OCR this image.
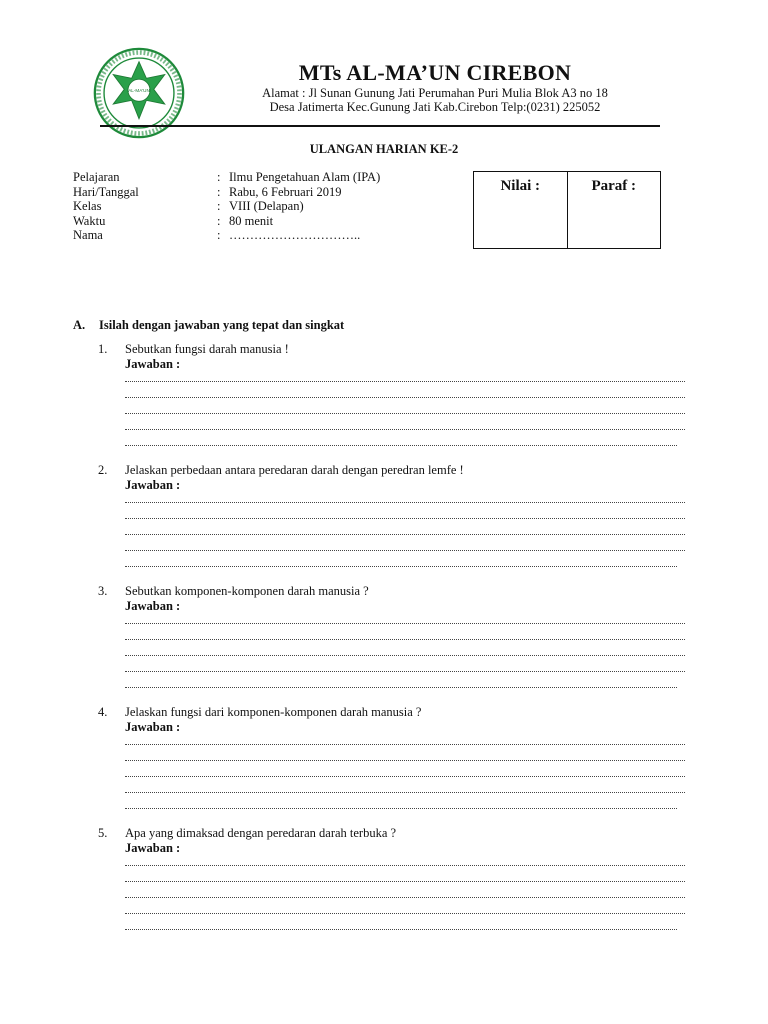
AL-MA'UN
MTs AL-MA’UN CIREBON
Alamat : Jl Sunan Gunung Jati Perumahan Puri Mulia Blok A3 no 18
Desa Jatimerta Kec.Gunung Jati Kab.Cirebon Telp:(0231) 225052
ULANGAN HARIAN KE-2
Pelajaran	: Ilmu Pengetahuan Alam (IPA)
Hari/Tanggal	: Rabu, 6 Februari 2019
Kelas	: VIII (Delapan)
Waktu	: 80 menit
Nama	: …………………………..
Nilai :	Paraf :
A. Isilah dengan jawaban yang tepat dan singkat
1.	Sebutkan fungsi darah manusia !
Jawaban :
2.	Jelaskan perbedaan antara peredaran darah dengan peredran lemfe !
Jawaban :
3.	Sebutkan komponen-komponen darah manusia ?
Jawaban :
4.	Jelaskan fungsi dari komponen-komponen darah manusia ?
Jawaban :
5.	Apa yang dimaksad dengan peredaran darah terbuka ?
Jawaban :
